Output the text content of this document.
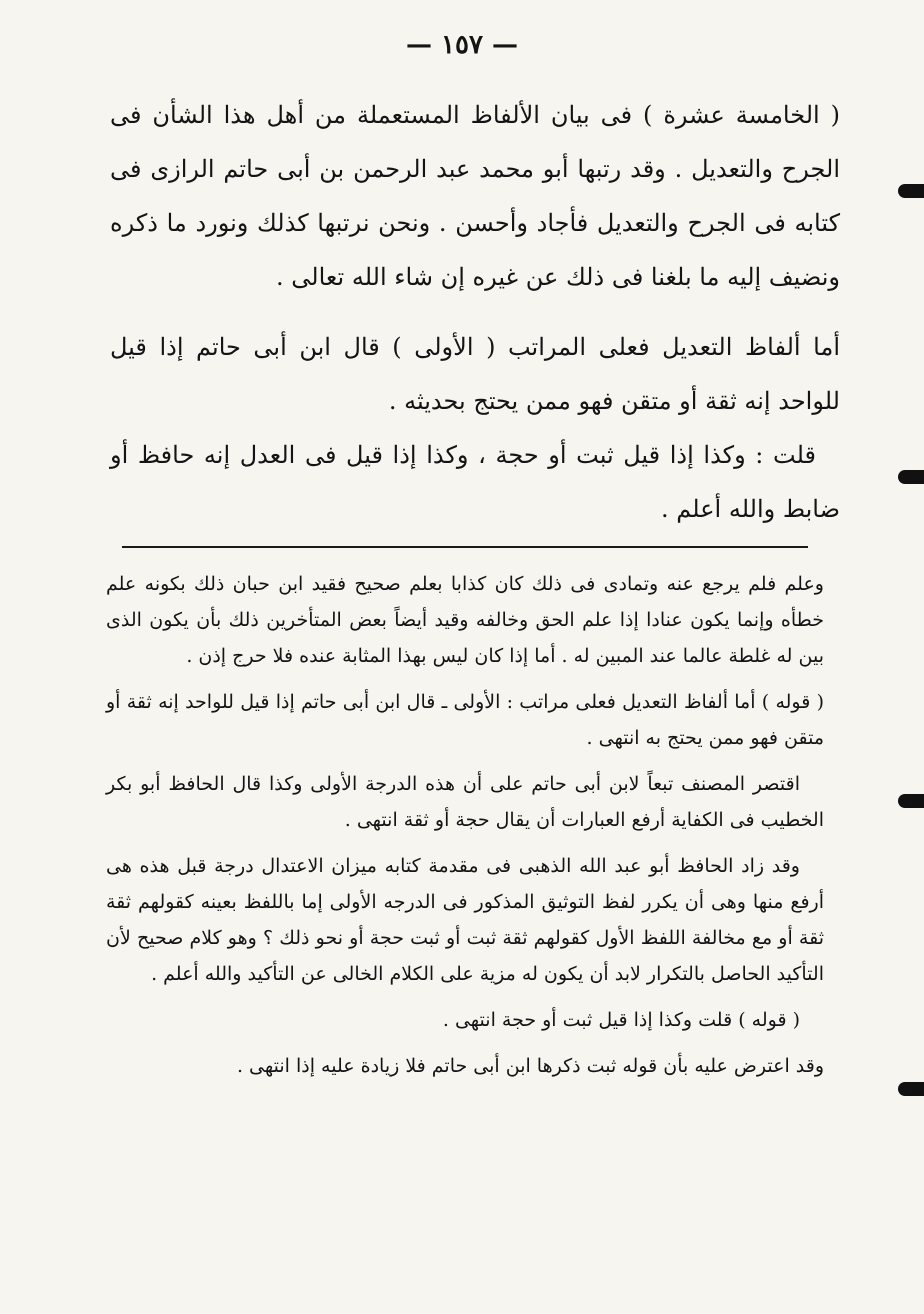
— ١٥٧ —

( الخامسة عشرة ) فى بيان الألفاظ المستعملة من أهل هذا الشأن فى الجرح والتعديل . وقد رتبها أبو محمد عبد الرحمن بن أبى حاتم الرازى فى كتابه فى الجرح والتعديل فأجاد وأحسن . ونحن نرتبها كذلك ونورد ما ذكره ونضيف إليه ما بلغنا فى ذلك عن غيره إن شاء الله تعالى .

أما ألفاظ التعديل فعلى المراتب ( الأولى ) قال ابن أبى حاتم إذا قيل للواحد إنه ثقة أو متقن فهو ممن يحتج بحديثه .

قلت : وكذا إذا قيل ثبت أو حجة ، وكذا إذا قيل فى العدل إنه حافظ أو ضابط والله أعلم .

وعلم فلم يرجع عنه وتمادى فى ذلك كان كذابا بعلم صحيح فقيد ابن حبان ذلك بكونه علم خطأه وإنما يكون عنادا إذا علم الحق وخالفه وقيد أيضاً بعض المتأخرين ذلك بأن يكون الذى بين له غلطة عالما عند المبين له . أما إذا كان ليس بهذا المثابة عنده فلا حرج إذن .

( قوله ) أما ألفاظ التعديل فعلى مراتب : الأولى ـ قال ابن أبى حاتم إذا قيل للواحد إنه ثقة أو متقن فهو ممن يحتج به انتهى .

اقتصر المصنف تبعاً لابن أبى حاتم على أن هذه الدرجة الأولى وكذا قال الحافظ أبو بكر الخطيب فى الكفاية أرفع العبارات أن يقال حجة أو ثقة انتهى .

وقد زاد الحافظ أبو عبد الله الذهبى فى مقدمة كتابه ميزان الاعتدال درجة قبل هذه هى أرفع منها وهى أن يكرر لفظ التوثيق المذكور فى الدرجه الأولى إما باللفظ بعينه كقولهم ثقة ثقة أو مع مخالفة اللفظ الأول كقولهم ثقة ثبت أو ثبت حجة أو نحو ذلك ؟ وهو كلام صحيح لأن التأكيد الحاصل بالتكرار لابد أن يكون له مزية على الكلام الخالى عن التأكيد والله أعلم .

( قوله ) قلت وكذا إذا قيل ثبت أو حجة انتهى .

وقد اعترض عليه بأن قوله ثبت ذكرها ابن أبى حاتم فلا زيادة عليه إذا انتهى .
